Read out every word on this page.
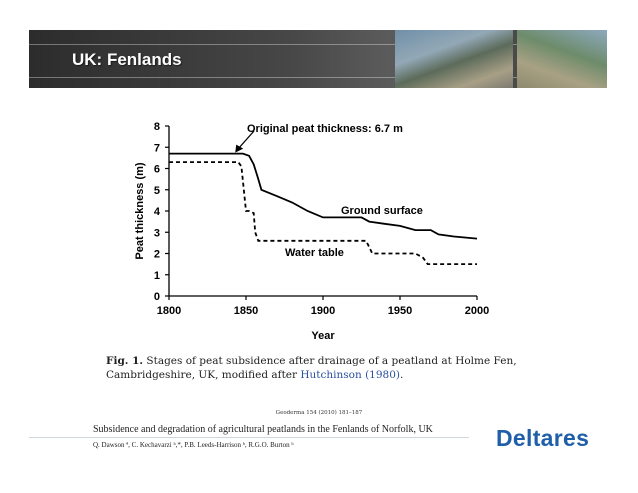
UK: Fenlands
0
1
2
3
4
5
6
7
8
1800	1850	1900	1950	2000
Year
Peat thickness (m)
Original peat thickness: 6.7 m
Ground surface
Water table
Fig. 1. Stages of peat subsidence after drainage of a peatland at Holme Fen, Cambridgeshire, UK, modified after Hutchinson (1980).
Geoderma 154 (2010) 181–187
Subsidence and degradation of agricultural peatlands in the Fenlands of Norfolk, UK
Q. Dawson ª, C. Kechavarzi ᵇ,*, P.B. Leeds-Harrison ᵇ, R.G.O. Burton ᵇ	Deltares
